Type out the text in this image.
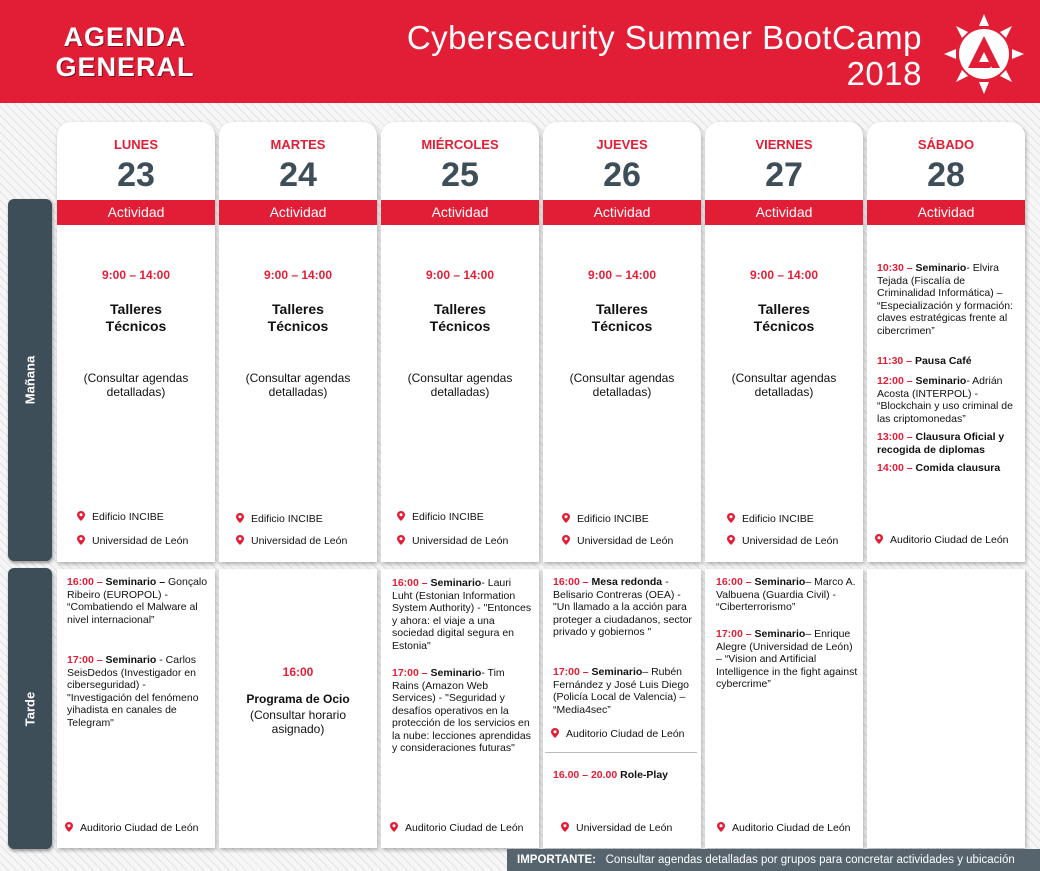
AGENDA
GENERAL
Cybersecurity Summer BootCamp
2018
Mañana
Tarde
LUNES
23
Actividad
9:00 – 14:00
Talleres
Técnicos
(Consultar agendas
detalladas)
Edificio INCIBE
Universidad de León
MARTES
24
Actividad
9:00 – 14:00
Talleres
Técnicos
(Consultar agendas
detalladas)
Edificio INCIBE
Universidad de León
MIÉRCOLES
25
Actividad
9:00 – 14:00
Talleres
Técnicos
(Consultar agendas
detalladas)
Edificio INCIBE
Universidad de León
JUEVES
26
Actividad
9:00 – 14:00
Talleres
Técnicos
(Consultar agendas
detalladas)
Edificio INCIBE
Universidad de León
VIERNES
27
Actividad
9:00 – 14:00
Talleres
Técnicos
(Consultar agendas
detalladas)
Edificio INCIBE
Universidad de León
SÁBADO
28
Actividad
10:30 – Seminario- Elvira Tejada (Fiscalía de Criminalidad Informática) – “Especialización y formación: claves estratégicas frente al cibercrimen”
11:30 – Pausa Café
12:00 – Seminario- Adrián Acosta (INTERPOL) - “Blockchain y uso criminal de las criptomonedas”
13:00 – Clausura Oficial y recogida de diplomas
14:00 – Comida clausura
Auditorio Ciudad de León
16:00 – Seminario – Gonçalo Ribeiro (EUROPOL) - “Combatiendo el Malware al nivel internacional”
17:00 – Seminario - Carlos SeisDedos (Investigador en ciberseguridad) - "Investigación del fenómeno yihadista en canales de Telegram"
Auditorio Ciudad de León
16:00
Programa de Ocio
(Consultar horario asignado)
16:00 – Seminario- Lauri Luht (Estonian Information System Authority) - "Entonces y ahora: el viaje a una sociedad digital segura en Estonia"
17:00 – Seminario- Tim Rains (Amazon Web Services) - "Seguridad y desafíos operativos en la protección de los servicios en la nube: lecciones aprendidas y consideraciones futuras"
Auditorio Ciudad de León
16:00 – Mesa redonda - Belisario Contreras (OEA) - "Un llamado a la acción para proteger a ciudadanos, sector privado y gobiernos "
17:00 – Seminario– Rubén Fernández y José Luis Diego (Policía Local de Valencia) – “Media4sec”
Auditorio Ciudad de León
16.00 – 20.00 Role-Play
Universidad de León
16:00 – Seminario– Marco A. Valbuena (Guardia Civil) - “Ciberterrorismo”
17:00 – Seminario– Enrique Alegre (Universidad de León) – “Vision and Artificial Intelligence in the fight against cybercrime”
Auditorio Ciudad de León
IMPORTANTE: Consultar agendas detalladas por grupos para concretar actividades y ubicación
